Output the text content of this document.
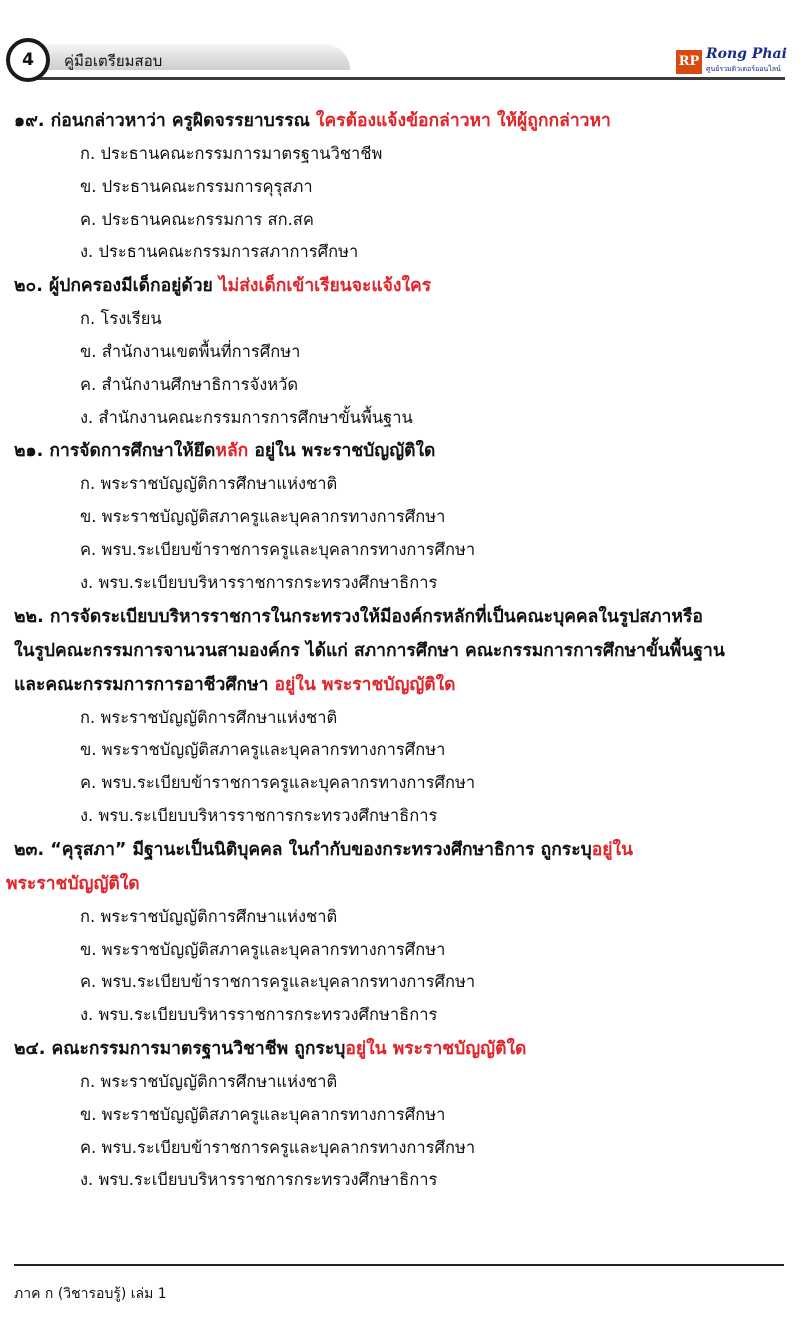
4	คู่มือเตรียมสอบ	RP Rong Phai
ศูนย์รวมติวเตอร์ออนไลน์
๑๙. ก่อนกล่าวหาว่า ครูผิดจรรยาบรรณ ใครต้องแจ้งข้อกล่าวหา ให้ผู้ถูกกล่าวหา
ก. ประธานคณะกรรมการมาตรฐานวิชาชีพ
ข. ประธานคณะกรรมการคุรุสภา
ค. ประธานคณะกรรมการ สก.สค
ง. ประธานคณะกรรมการสภาการศึกษา
๒๐. ผู้ปกครองมีเด็กอยู่ด้วย ไม่ส่งเด็กเข้าเรียนจะแจ้งใคร
ก. โรงเรียน
ข. สำนักงานเขตพื้นที่การศึกษา
ค. สำนักงานศึกษาธิการจังหวัด
ง. สำนักงานคณะกรรมการการศึกษาขั้นพื้นฐาน
๒๑. การจัดการศึกษาให้ยึดหลัก อยู่ใน พระราชบัญญัติใด
ก. พระราชบัญญัติการศึกษาแห่งชาติ
ข. พระราชบัญญัติสภาครูและบุคลากรทางการศึกษา
ค. พรบ.ระเบียบข้าราชการครูและบุคลากรทางการศึกษา
ง. พรบ.ระเบียบบริหารราชการกระทรวงศึกษาธิการ
๒๒. การจัดระเบียบบริหารราชการในกระทรวงให้มีองค์กรหลักที่เป็นคณะบุคคลในรูปสภาหรือ
ในรูปคณะกรรมการจานวนสามองค์กร ได้แก่ สภาการศึกษา คณะกรรมการการศึกษาขั้นพื้นฐาน
และคณะกรรมการการอาชีวศึกษา อยู่ใน พระราชบัญญัติใด
ก. พระราชบัญญัติการศึกษาแห่งชาติ
ข. พระราชบัญญัติสภาครูและบุคลากรทางการศึกษา
ค. พรบ.ระเบียบข้าราชการครูและบุคลากรทางการศึกษา
ง. พรบ.ระเบียบบริหารราชการกระทรวงศึกษาธิการ
๒๓. “คุรุสภา” มีฐานะเป็นนิติบุคคล ในกำกับของกระทรวงศึกษาธิการ ถูกระบุอยู่ใน
พระราชบัญญัติใด
ก. พระราชบัญญัติการศึกษาแห่งชาติ
ข. พระราชบัญญัติสภาครูและบุคลากรทางการศึกษา
ค. พรบ.ระเบียบข้าราชการครูและบุคลากรทางการศึกษา
ง. พรบ.ระเบียบบริหารราชการกระทรวงศึกษาธิการ
๒๔. คณะกรรมการมาตรฐานวิชาชีพ ถูกระบุอยู่ใน พระราชบัญญัติใด
ก. พระราชบัญญัติการศึกษาแห่งชาติ
ข. พระราชบัญญัติสภาครูและบุคลากรทางการศึกษา
ค. พรบ.ระเบียบข้าราชการครูและบุคลากรทางการศึกษา
ง. พรบ.ระเบียบบริหารราชการกระทรวงศึกษาธิการ
ภาค ก (วิชารอบรู้) เล่ม 1
